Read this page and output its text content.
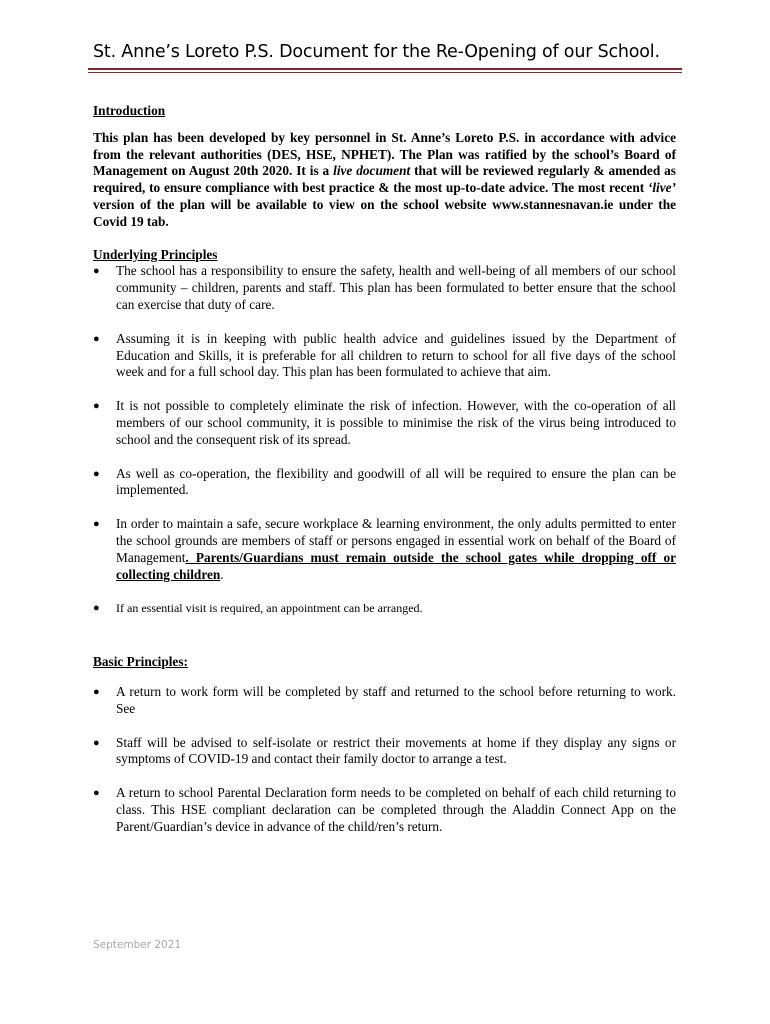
St. Anne’s Loreto P.S. Document for the Re-Opening of our School.

Introduction

This plan has been developed by key personnel in St. Anne’s Loreto P.S. in accordance with advice from the relevant authorities (DES, HSE, NPHET). The Plan was ratified by the school’s Board of Management on August 20th 2020. It is a live document that will be reviewed regularly & amended as required, to ensure compliance with best practice & the most up-to-date advice. The most recent ‘live’ version of the plan will be available to view on the school website www.stannesnavan.ie under the Covid 19 tab.

Underlying Principles

● The school has a responsibility to ensure the safety, health and well-being of all members of our school community – children, parents and staff. This plan has been formulated to better ensure that the school can exercise that duty of care.
● Assuming it is in keeping with public health advice and guidelines issued by the Department of Education and Skills, it is preferable for all children to return to school for all five days of the school week and for a full school day. This plan has been formulated to achieve that aim.
● It is not possible to completely eliminate the risk of infection. However, with the co-operation of all members of our school community, it is possible to minimise the risk of the virus being introduced to school and the consequent risk of its spread.
● As well as co-operation, the flexibility and goodwill of all will be required to ensure the plan can be implemented.
● In order to maintain a safe, secure workplace & learning environment, the only adults permitted to enter the school grounds are members of staff or persons engaged in essential work on behalf of the Board of Management. Parents/Guardians must remain outside the school gates while dropping off or collecting children.
● If an essential visit is required, an appointment can be arranged.

Basic Principles:

● A return to work form will be completed by staff and returned to the school before returning to work. See
● Staff will be advised to self-isolate or restrict their movements at home if they display any signs or symptoms of COVID-19 and contact their family doctor to arrange a test.
● A return to school Parental Declaration form needs to be completed on behalf of each child returning to class. This HSE compliant declaration can be completed through the Aladdin Connect App on the Parent/Guardian’s device in advance of the child/ren’s return.
September 2021
